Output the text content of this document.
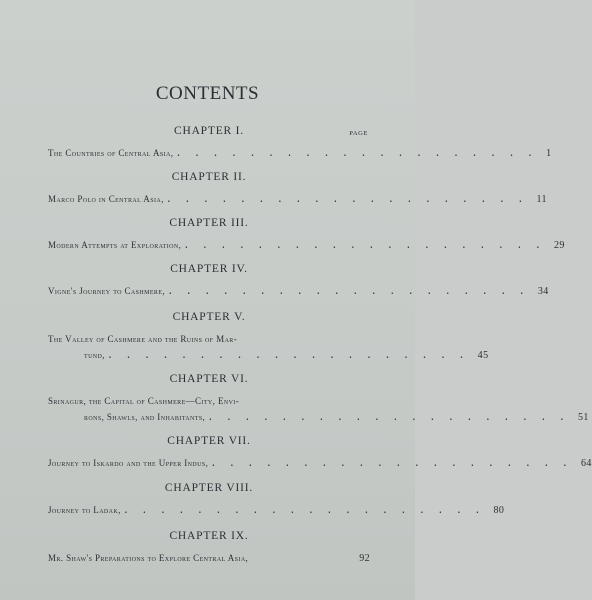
CONTENTS
PAGE
CHAPTER I.
The Countries of Central Asia, . . . . . . . . . . . . . . . . . . . . 1
CHAPTER II.
Marco Polo in Central Asia, . . . . . . . . . . . . . . . . . . . . 11
CHAPTER III.
Modern Attempts at Exploration, . . . . . . . . . . . . . . . . . . . . 29
CHAPTER IV.
Vigne's Journey to Cashmere, . . . . . . . . . . . . . . . . . . . . 34
CHAPTER V.
The Valley of Cashmere and the Ruins of Mar-
tund, . . . . . . . . . . . . . . . . . . . . 45
CHAPTER VI.
Srinagur, the Capital of Cashmere—City, Envi-
rons, Shawls, and Inhabitants, . . . . . . . . . . . . . . . . . . . . 51
CHAPTER VII.
Journey to Iskardo and the Upper Indus, . . . . . . . . . . . . . . . . . . . . 64
CHAPTER VIII.
Journey to Ladak, . . . . . . . . . . . . . . . . . . . . 80
CHAPTER IX.
Mr. Shaw's Preparations to Explore Central Asia,	92
